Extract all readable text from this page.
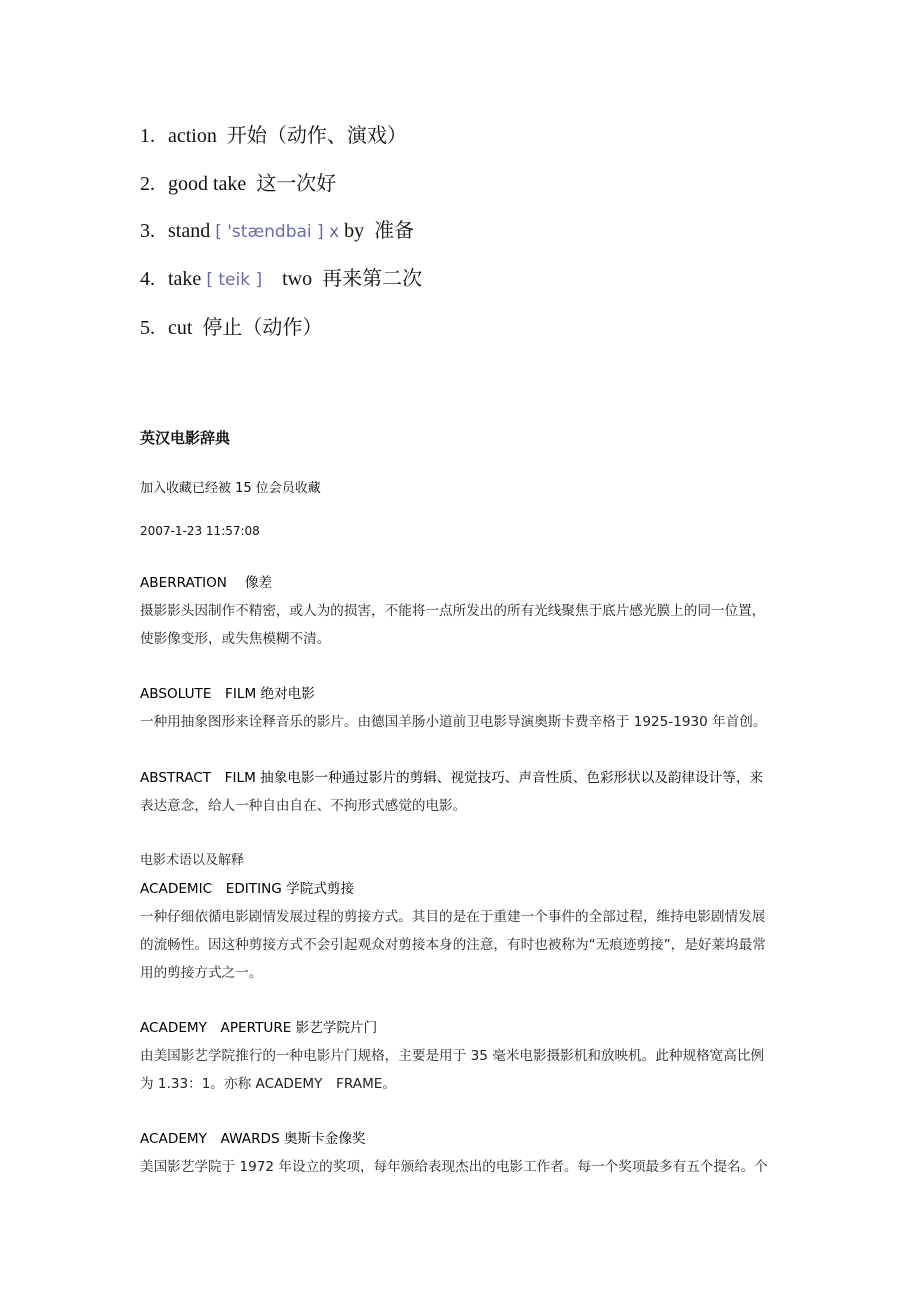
1. action 开始（动作、演戏）
2. good take 这一次好
3. stand [ 'stændbai ] x by 准备
4. take [ teik ] two 再来第二次
5. cut 停止（动作）
英汉电影辞典
加入收藏已经被 15 位会员收藏
2007-1-23 11:57:08
ABERRATION　 像差
摄影影头因制作不精密，或人为的损害，不能将一点所发出的所有光线聚焦于底片感光膜上的同一位置，
使影像变形，或失焦模糊不清。
ABSOLUTE　FILM 绝对电影
一种用抽象图形来诠释音乐的影片。由德国羊肠小道前卫电影导演奥斯卡费辛格于 1925-1930 年首创。
ABSTRACT　FILM 抽象电影一种通过影片的剪辑、视觉技巧、声音性质、色彩形状以及韵律设计等，来
表达意念，给人一种自由自在、不拘形式感觉的电影。
电影术语以及解释
ACADEMIC　EDITING 学院式剪接
一种仔细依循电影剧情发展过程的剪接方式。其目的是在于重建一个事件的全部过程，维持电影剧情发展
的流畅性。因这种剪接方式不会引起观众对剪接本身的注意，有时也被称为“无痕迹剪接”，是好莱坞最常
用的剪接方式之一。
ACADEMY　APERTURE 影艺学院片门
由美国影艺学院推行的一种电影片门规格，主要是用于 35 毫米电影摄影机和放映机。此种规格宽高比例
为 1.33：1。亦称 ACADEMY　FRAME。
ACADEMY　AWARDS 奥斯卡金像奖
美国影艺学院于 1972 年设立的奖项，每年颁给表现杰出的电影工作者。每一个奖项最多有五个提名。个
